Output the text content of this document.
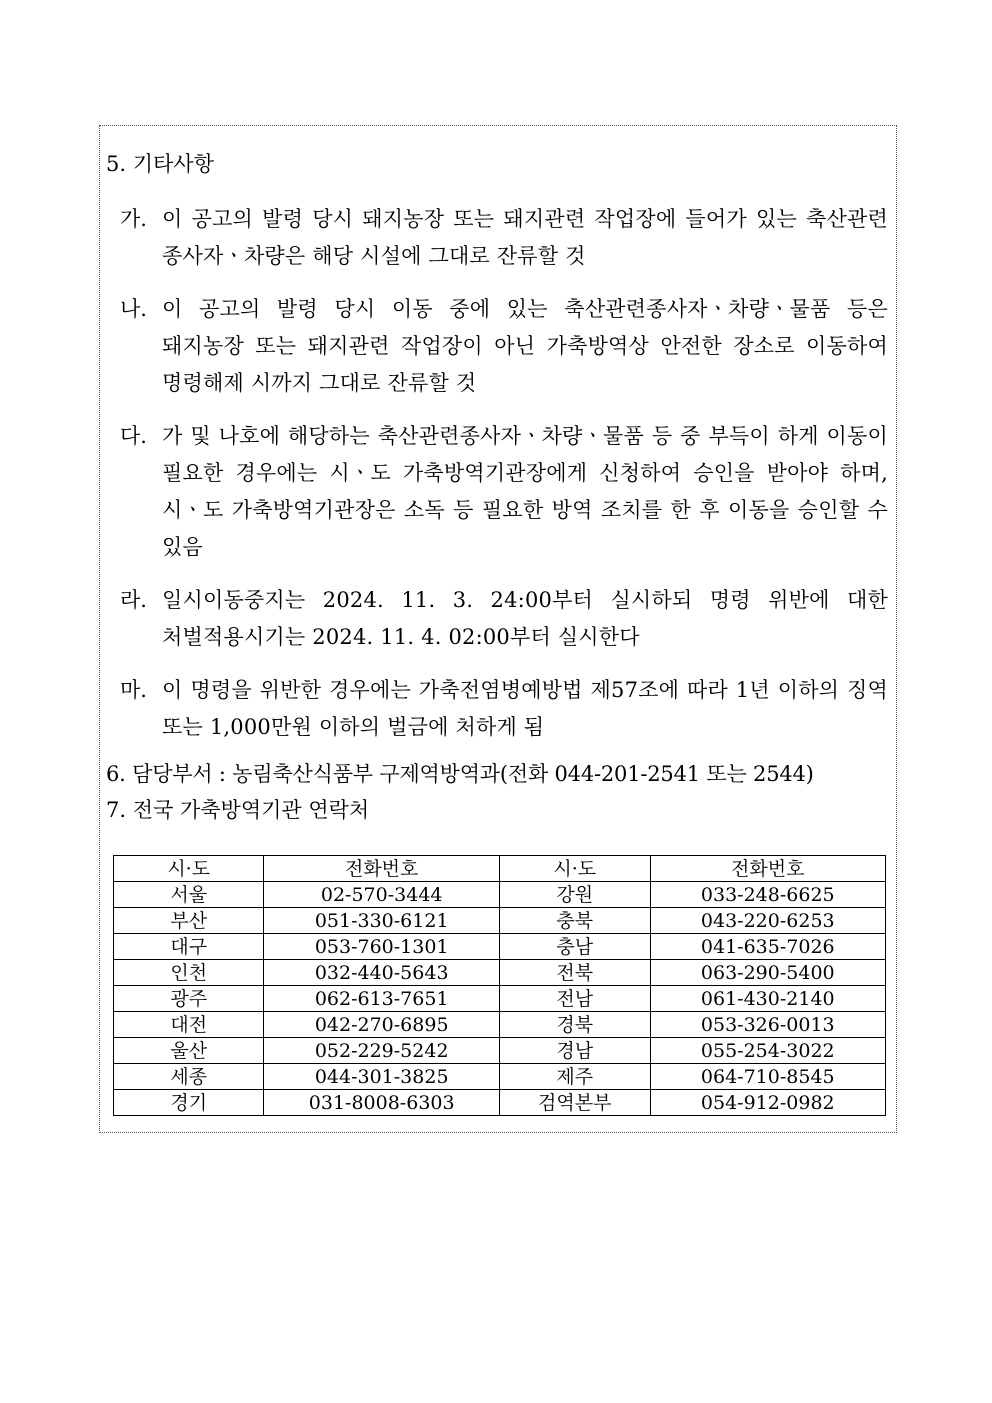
5. 기타사항

가. 이 공고의 발령 당시 돼지농장 또는 돼지관련 작업장에 들어가 있는 축산관련 종사자ㆍ차량은 해당 시설에 그대로 잔류할 것
나. 이 공고의 발령 당시 이동 중에 있는 축산관련종사자ㆍ차량ㆍ물품 등은 돼지농장 또는 돼지관련 작업장이 아닌 가축방역상 안전한 장소로 이동하여 명령해제 시까지 그대로 잔류할 것
다. 가 및 나호에 해당하는 축산관련종사자ㆍ차량ㆍ물품 등 중 부득이 하게 이동이 필요한 경우에는 시ㆍ도 가축방역기관장에게 신청하여 승인을 받아야 하며, 시ㆍ도 가축방역기관장은 소독 등 필요한 방역 조치를 한 후 이동을 승인할 수 있음
라. 일시이동중지는 2024. 11. 3. 24:00부터 실시하되 명령 위반에 대한 처벌적용시기는 2024. 11. 4. 02:00부터 실시한다
마. 이 명령을 위반한 경우에는 가축전염병예방법 제57조에 따라 1년 이하의 징역 또는 1,000만원 이하의 벌금에 처하게 됨

6. 담당부서 : 농림축산식품부 구제역방역과(전화 044-201-2541 또는 2544)

7. 전국 가축방역기관 연락처

시·도	전화번호	시·도	전화번호
서울	02-570-3444	강원	033-248-6625
부산	051-330-6121	충북	043-220-6253
대구	053-760-1301	충남	041-635-7026
인천	032-440-5643	전북	063-290-5400
광주	062-613-7651	전남	061-430-2140
대전	042-270-6895	경북	053-326-0013
울산	052-229-5242	경남	055-254-3022
세종	044-301-3825	제주	064-710-8545
경기	031-8008-6303	검역본부	054-912-0982
